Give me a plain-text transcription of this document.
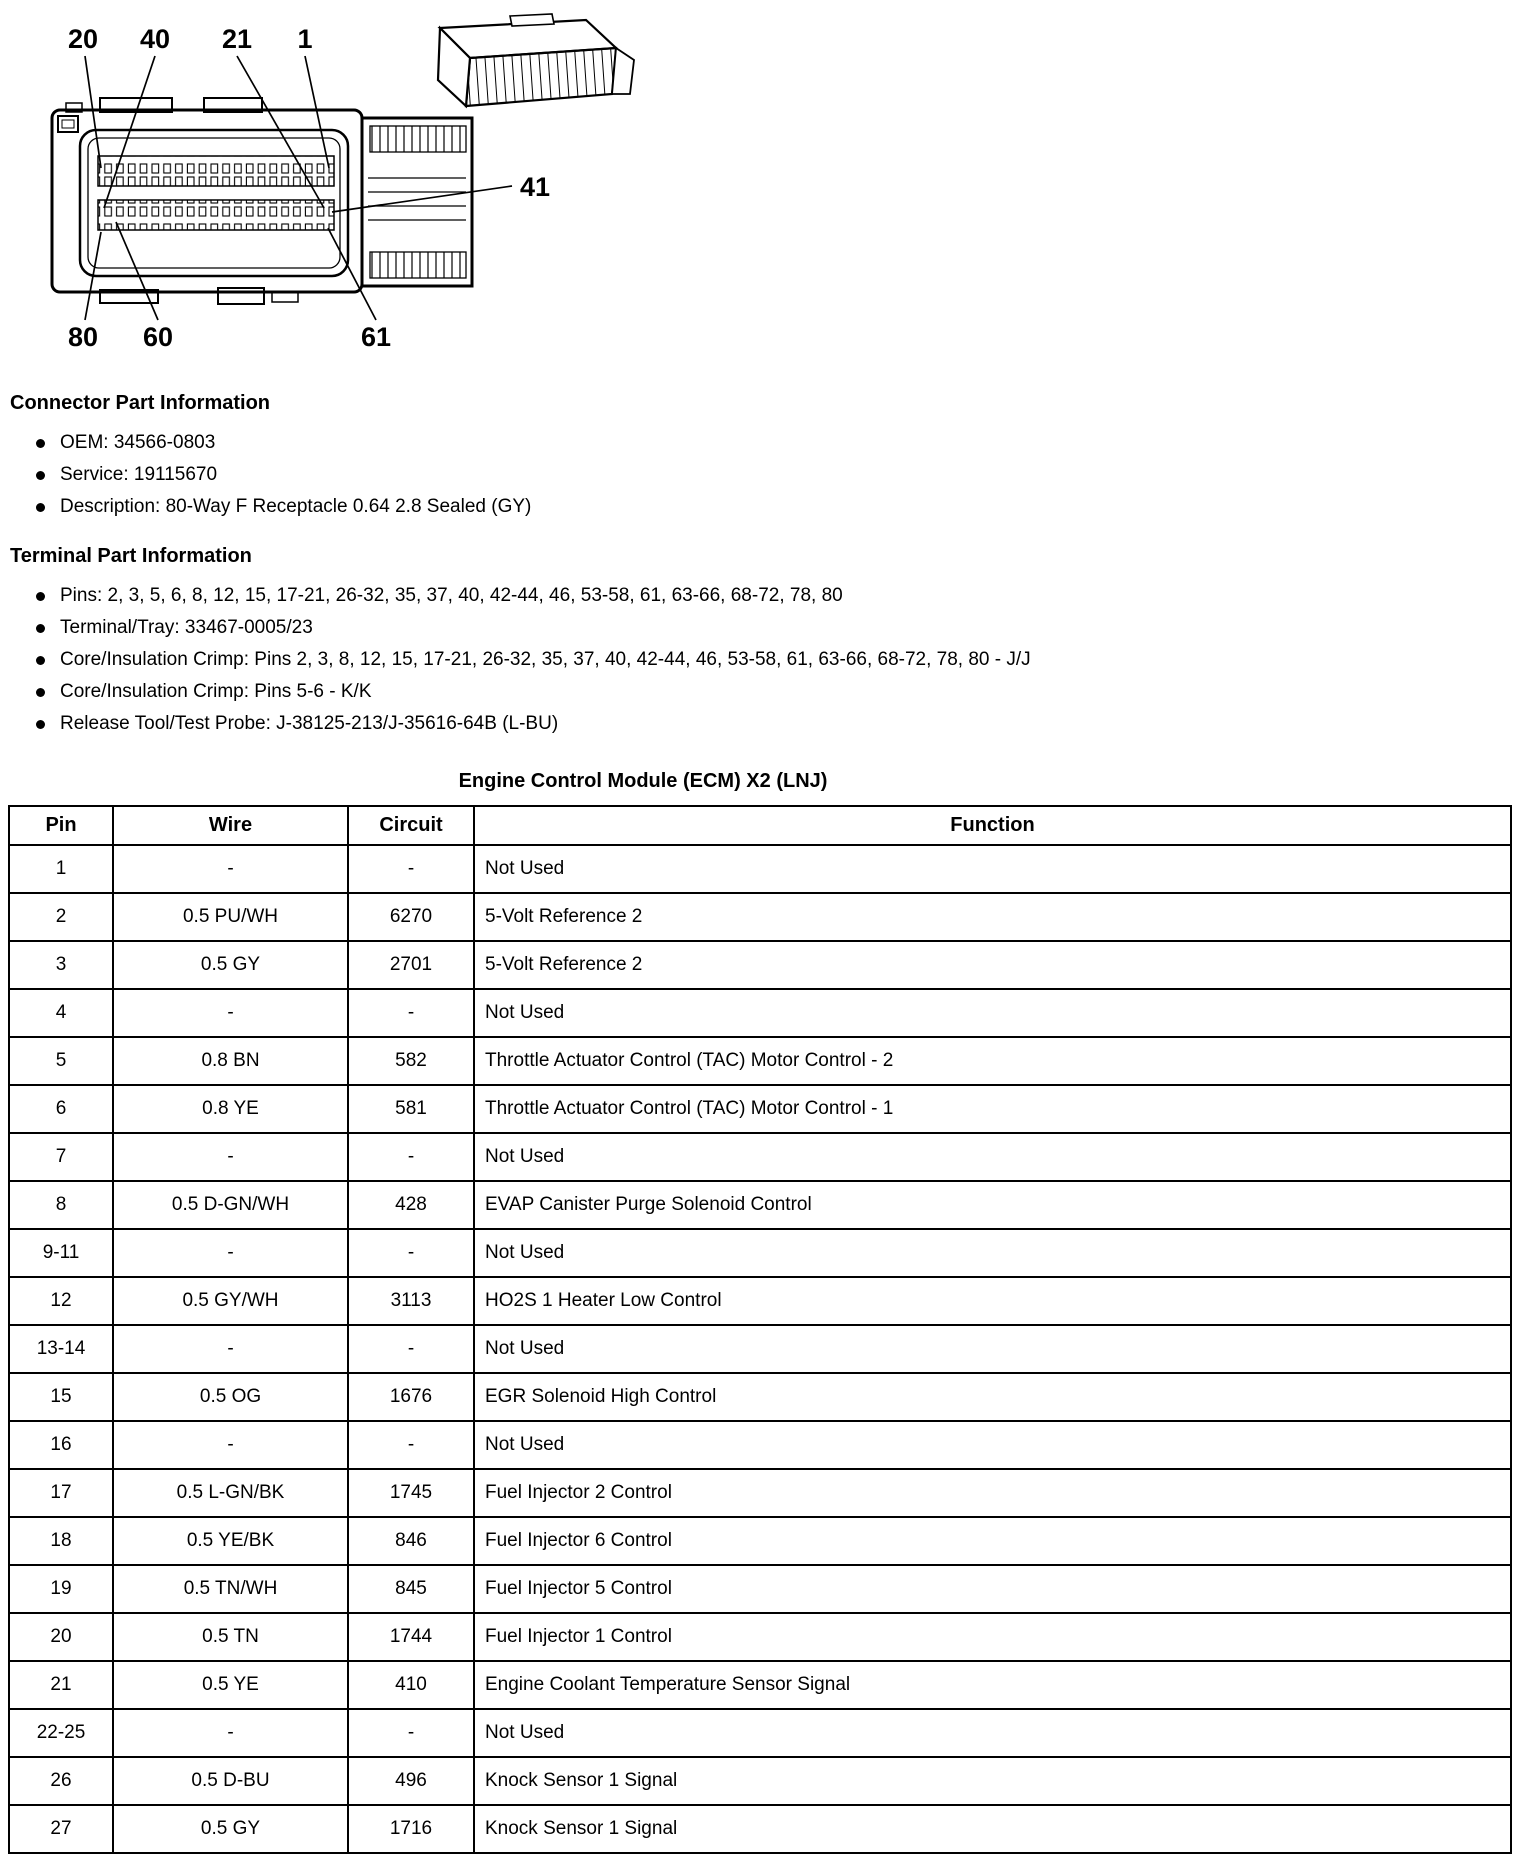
20 40 21 1
41
80 60	61
Connector Part Information
OEM: 34566-0803
Service: 19115670
Description: 80-Way F Receptacle 0.64 2.8 Sealed (GY)
Terminal Part Information
Pins: 2, 3, 5, 6, 8, 12, 15, 17-21, 26-32, 35, 37, 40, 42-44, 46, 53-58, 61, 63-66, 68-72, 78, 80
Terminal/Tray: 33467-0005/23
Core/Insulation Crimp: Pins 2, 3, 8, 12, 15, 17-21, 26-32, 35, 37, 40, 42-44, 46, 53-58, 61, 63-66, 68-72, 78, 80 - J/J
Core/Insulation Crimp: Pins 5-6 - K/K
Release Tool/Test Probe: J-38125-213/J-35616-64B (L-BU)
Engine Control Module (ECM) X2 (LNJ)
Pin	Wire	Circuit	Function
1	-	-	Not Used
2	0.5 PU/WH	6270	5-Volt Reference 2
3	0.5 GY	2701	5-Volt Reference 2
4	-	-	Not Used
5	0.8 BN	582	Throttle Actuator Control (TAC) Motor Control - 2
6	0.8 YE	581	Throttle Actuator Control (TAC) Motor Control - 1
7	-	-	Not Used
8	0.5 D-GN/WH	428	EVAP Canister Purge Solenoid Control
9-11	-	-	Not Used
12	0.5 GY/WH	3113	HO2S 1 Heater Low Control
13-14	-	-	Not Used
15	0.5 OG	1676	EGR Solenoid High Control
16	-	-	Not Used
17	0.5 L-GN/BK	1745	Fuel Injector 2 Control
18	0.5 YE/BK	846	Fuel Injector 6 Control
19	0.5 TN/WH	845	Fuel Injector 5 Control
20	0.5 TN	1744	Fuel Injector 1 Control
21	0.5 YE	410	Engine Coolant Temperature Sensor Signal
22-25	-	-	Not Used
26	0.5 D-BU	496	Knock Sensor 1 Signal
27	0.5 GY	1716	Knock Sensor 1 Signal
